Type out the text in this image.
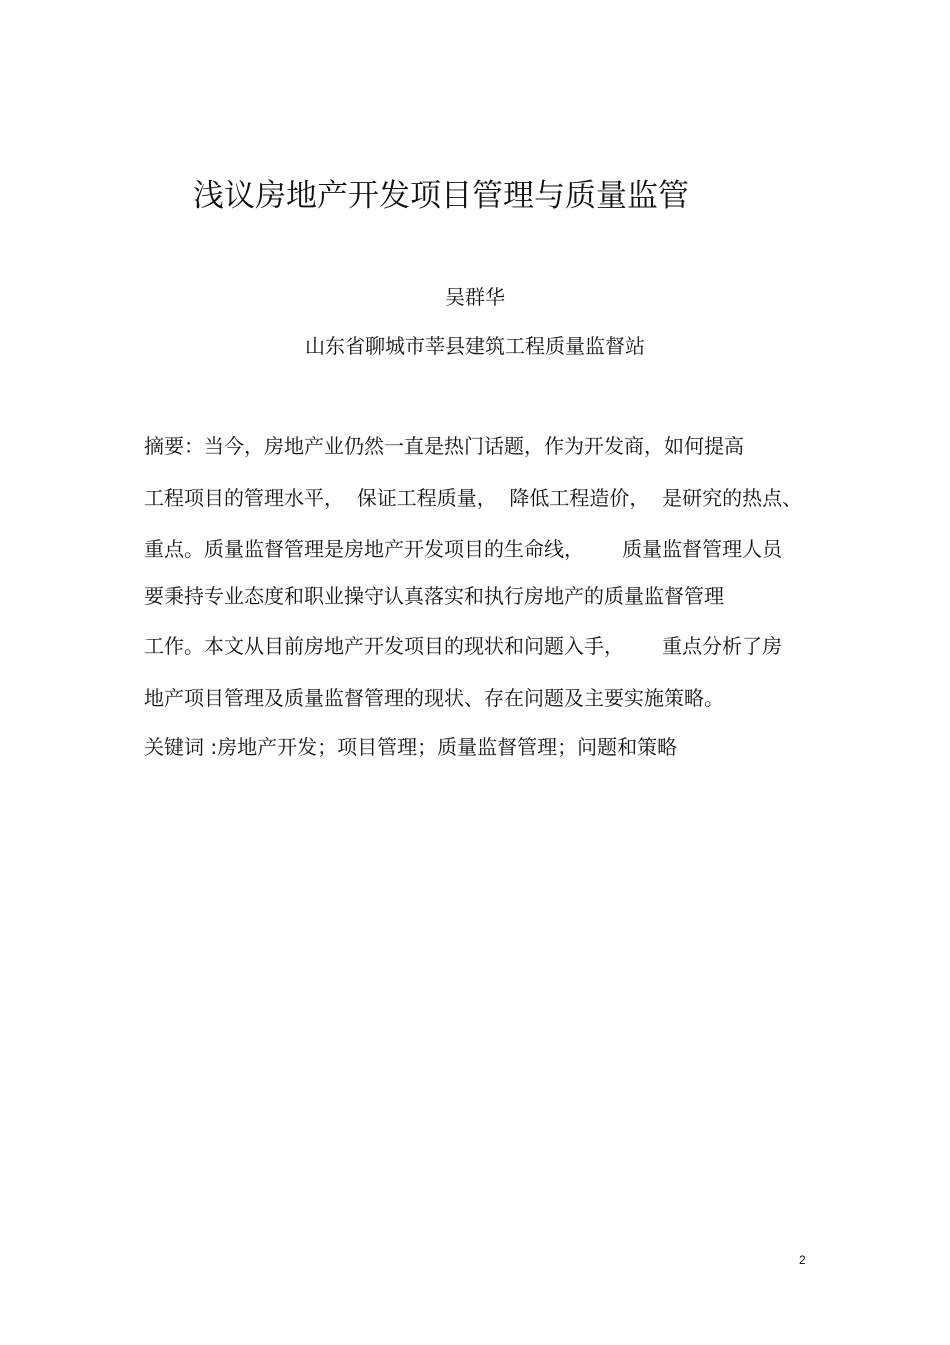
浅议房地产开发项目管理与质量监管
吴群华
山东省聊城市莘县建筑工程质量监督站
摘要：当今，房地产业仍然一直是热门话题，作为开发商，如何提高
工程项目的管理水平，  保证工程质量，  降低工程造价，  是研究的热点、
重点。质量监督管理是房地产开发项目的生命线，      质量监督管理人员
要秉持专业态度和职业操守认真落实和执行房地产的质量监督管理
工作。本文从目前房地产开发项目的现状和问题入手，      重点分析了房
地产项目管理及质量监督管理的现状、存在问题及主要实施策略。
关键词 :房地产开发；项目管理；质量监督管理；问题和策略
2
